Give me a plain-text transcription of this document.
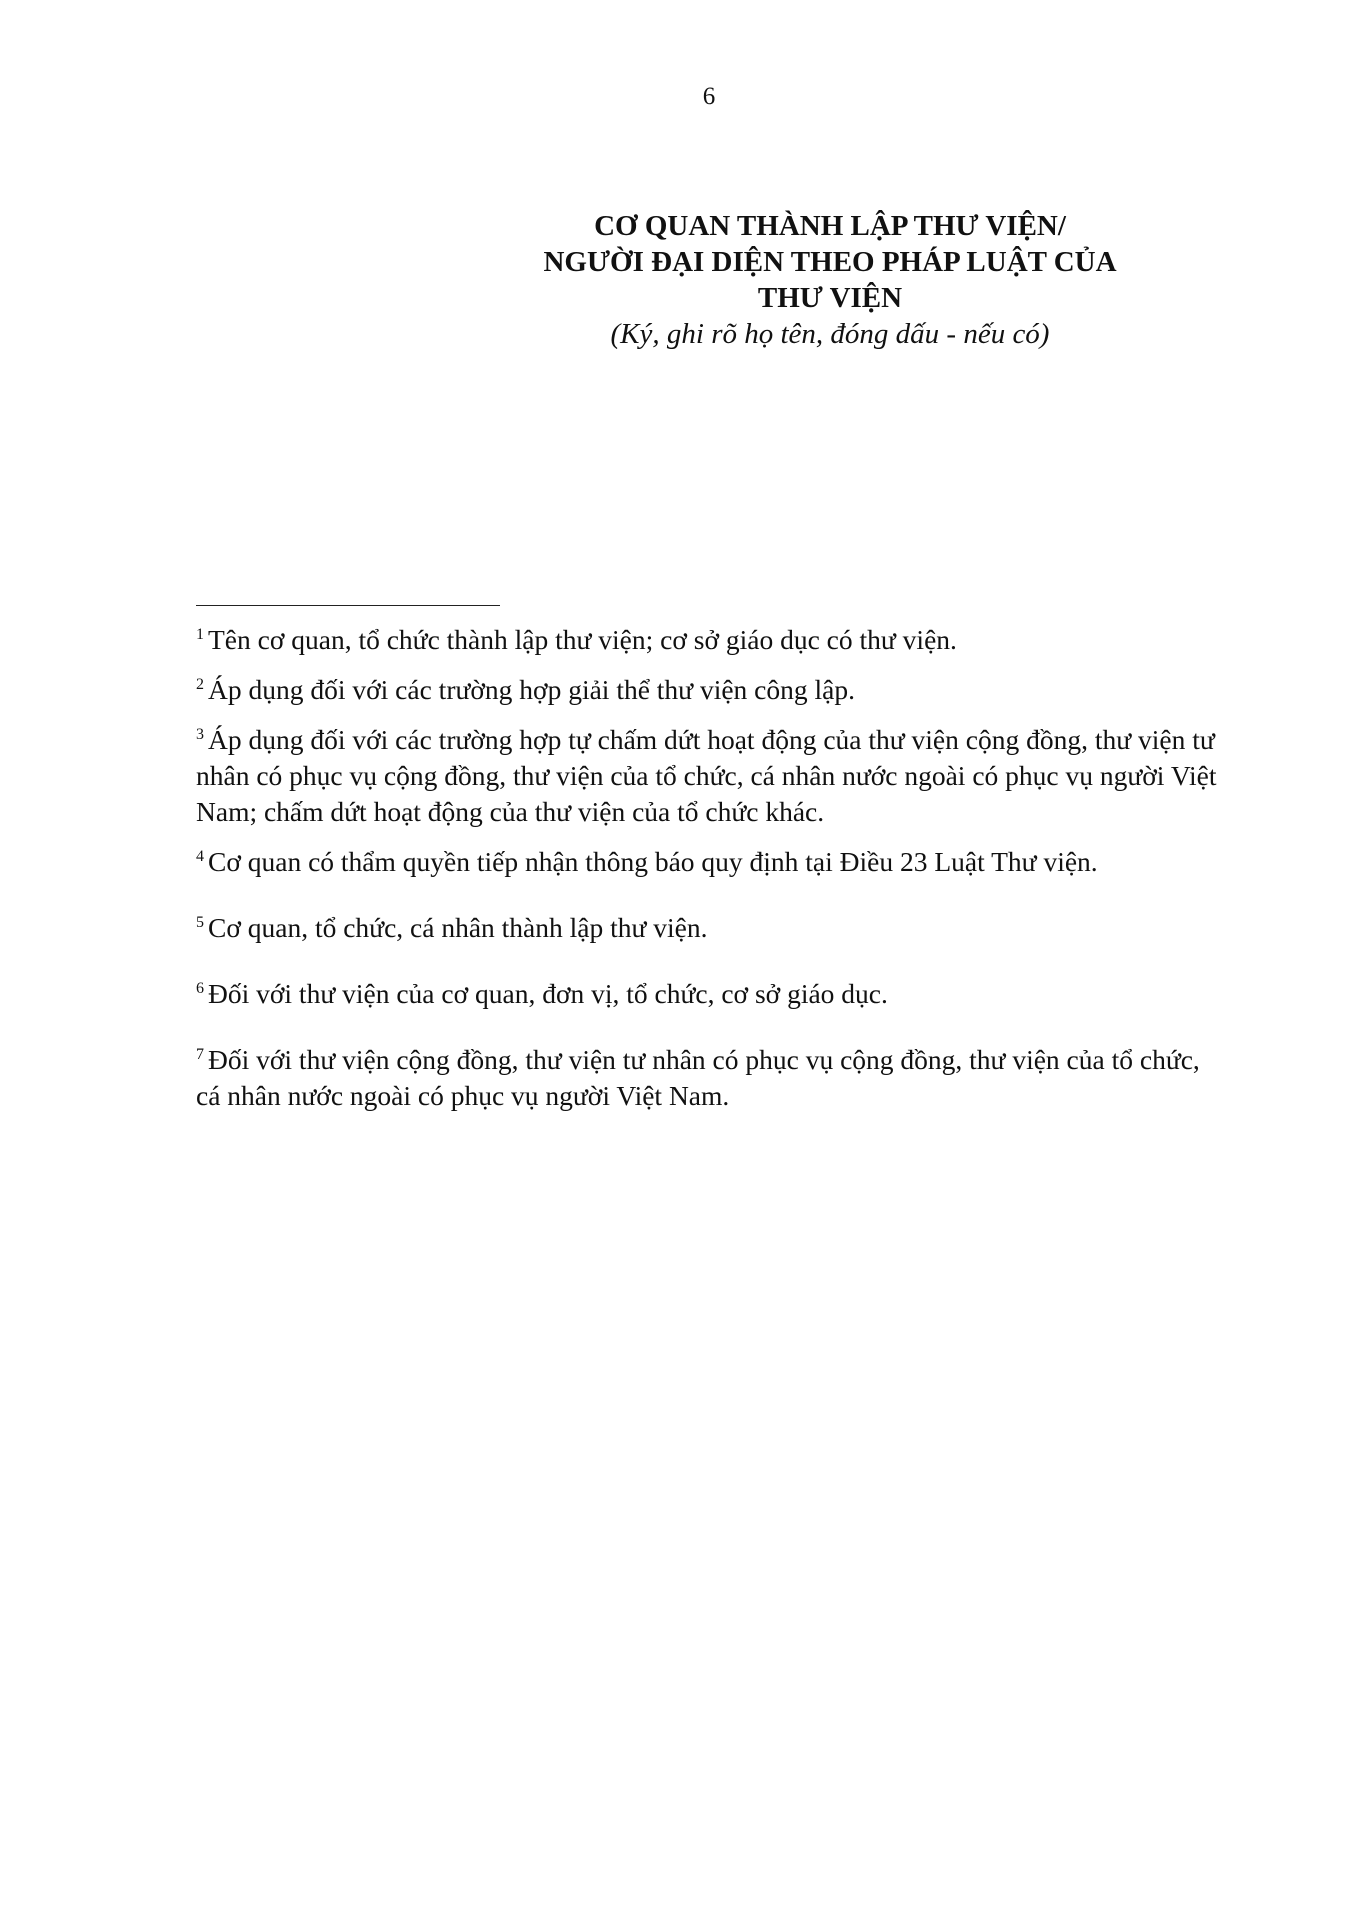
6
CƠ QUAN THÀNH LẬP THƯ VIỆN/
NGƯỜI ĐẠI DIỆN THEO PHÁP LUẬT CỦA
THƯ VIỆN
(Ký, ghi rõ họ tên, đóng dấu - nếu có)

$^1$ Tên cơ quan, tổ chức thành lập thư viện; cơ sở giáo dục có thư viện.

$^2$ Áp dụng đối với các trường hợp giải thể thư viện công lập.

$^3$ Áp dụng đối với các trường hợp tự chấm dứt hoạt động của thư viện cộng đồng, thư viện tư nhân có phục vụ cộng đồng, thư viện của tổ chức, cá nhân nước ngoài có phục vụ người Việt Nam; chấm dứt hoạt động của thư viện của tổ chức khác.

$^4$ Cơ quan có thẩm quyền tiếp nhận thông báo quy định tại Điều 23 Luật Thư viện.

$^5$ Cơ quan, tổ chức, cá nhân thành lập thư viện.

$^6$ Đối với thư viện của cơ quan, đơn vị, tổ chức, cơ sở giáo dục.

$^7$ Đối với thư viện cộng đồng, thư viện tư nhân có phục vụ cộng đồng, thư viện của tổ chức, cá nhân nước ngoài có phục vụ người Việt Nam.
